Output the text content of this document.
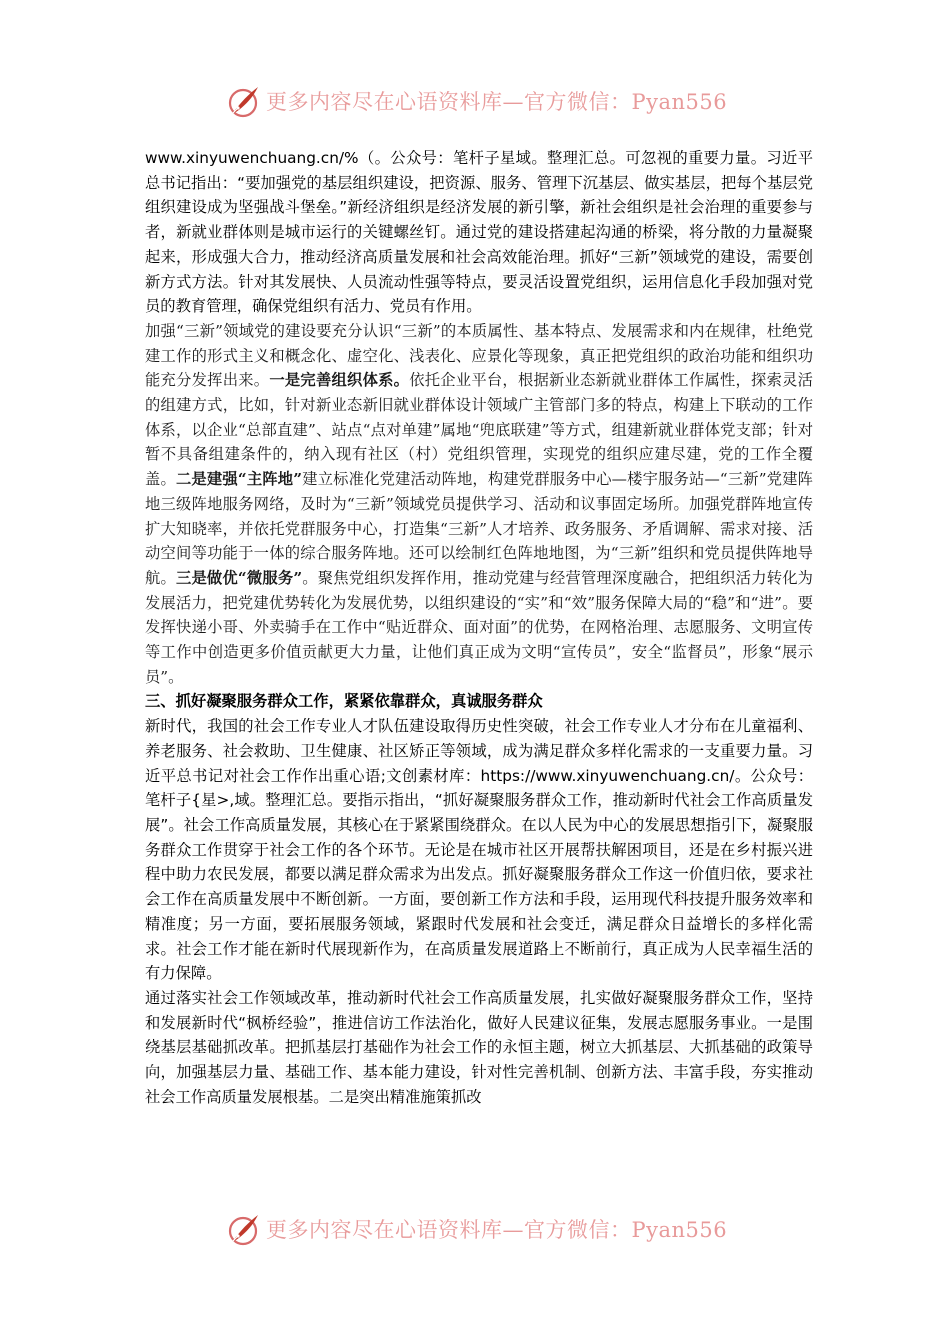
更多内容尽在心语资料库—官方微信：Pyan556

www.xinyuwenchuang.cn/%（。公众号：笔杆子星域。整理汇总。可忽视的重要力量。习近平总书记指出：“要加强党的基层组织建设，把资源、服务、管理下沉基层、做实基层，把每个基层党组织建设成为坚强战斗堡垒。”新经济组织是经济发展的新引擎，新社会组织是社会治理的重要参与者，新就业群体则是城市运行的关键螺丝钉。通过党的建设搭建起沟通的桥梁，将分散的力量凝聚起来，形成强大合力，推动经济高质量发展和社会高效能治理。抓好“三新”领域党的建设，需要创新方式方法。针对其发展快、人员流动性强等特点，要灵活设置党组织，运用信息化手段加强对党员的教育管理，确保党组织有活力、党员有作用。

加强“三新”领域党的建设要充分认识“三新”的本质属性、基本特点、发展需求和内在规律，杜绝党建工作的形式主义和概念化、虚空化、浅表化、应景化等现象，真正把党组织的政治功能和组织功能充分发挥出来。一是完善组织体系。依托企业平台，根据新业态新就业群体工作属性，探索灵活的组建方式，比如，针对新业态新旧就业群体设计领域广主管部门多的特点，构建上下联动的工作体系，以企业“总部直建”、站点“点对单建”属地“兜底联建”等方式，组建新就业群体党支部；针对暂不具备组建条件的，纳入现有社区（村）党组织管理，实现党的组织应建尽建，党的工作全覆盖。二是建强“主阵地”建立标准化党建活动阵地，构建党群服务中心—楼宇服务站—“三新”党建阵地三级阵地服务网络，及时为“三新”领域党员提供学习、活动和议事固定场所。加强党群阵地宣传扩大知晓率，并依托党群服务中心，打造集“三新”人才培养、政务服务、矛盾调解、需求对接、活动空间等功能于一体的综合服务阵地。还可以绘制红色阵地地图，为“三新”组织和党员提供阵地导航。三是做优“微服务”。聚焦党组织发挥作用，推动党建与经营管理深度融合，把组织活力转化为发展活力，把党建优势转化为发展优势，以组织建设的“实”和“效”服务保障大局的“稳”和“进”。要发挥快递小哥、外卖骑手在工作中“贴近群众、面对面”的优势，在网格治理、志愿服务、文明宣传等工作中创造更多价值贡献更大力量，让他们真正成为文明“宣传员”，安全“监督员”，形象“展示员”。

三、抓好凝聚服务群众工作，紧紧依靠群众，真诚服务群众

新时代，我国的社会工作专业人才队伍建设取得历史性突破，社会工作专业人才分布在儿童福利、养老服务、社会救助、卫生健康、社区矫正等领域，成为满足群众多样化需求的一支重要力量。习近平总书记对社会工作作出重心语;文创素材库：https://www.xinyuwenchuang.cn/。公众号：笔杆子{星>,域。整理汇总。要指示指出，“抓好凝聚服务群众工作，推动新时代社会工作高质量发展”。社会工作高质量发展，其核心在于紧紧围绕群众。在以人民为中心的发展思想指引下，凝聚服务群众工作贯穿于社会工作的各个环节。无论是在城市社区开展帮扶解困项目，还是在乡村振兴进程中助力农民发展，都要以满足群众需求为出发点。抓好凝聚服务群众工作这一价值归依，要求社会工作在高质量发展中不断创新。一方面，要创新工作方法和手段，运用现代科技提升服务效率和精准度；另一方面，要拓展服务领域，紧跟时代发展和社会变迁，满足群众日益增长的多样化需求。社会工作才能在新时代展现新作为，在高质量发展道路上不断前行，真正成为人民幸福生活的有力保障。

通过落实社会工作领域改革，推动新时代社会工作高质量发展，扎实做好凝聚服务群众工作，坚持和发展新时代“枫桥经验”，推进信访工作法治化，做好人民建议征集，发展志愿服务事业。一是围绕基层基础抓改革。把抓基层打基础作为社会工作的永恒主题，树立大抓基层、大抓基础的政策导向，加强基层力量、基础工作、基本能力建设，针对性完善机制、创新方法、丰富手段，夯实推动社会工作高质量发展根基。二是突出精准施策抓改

更多内容尽在心语资料库—官方微信：Pyan556
